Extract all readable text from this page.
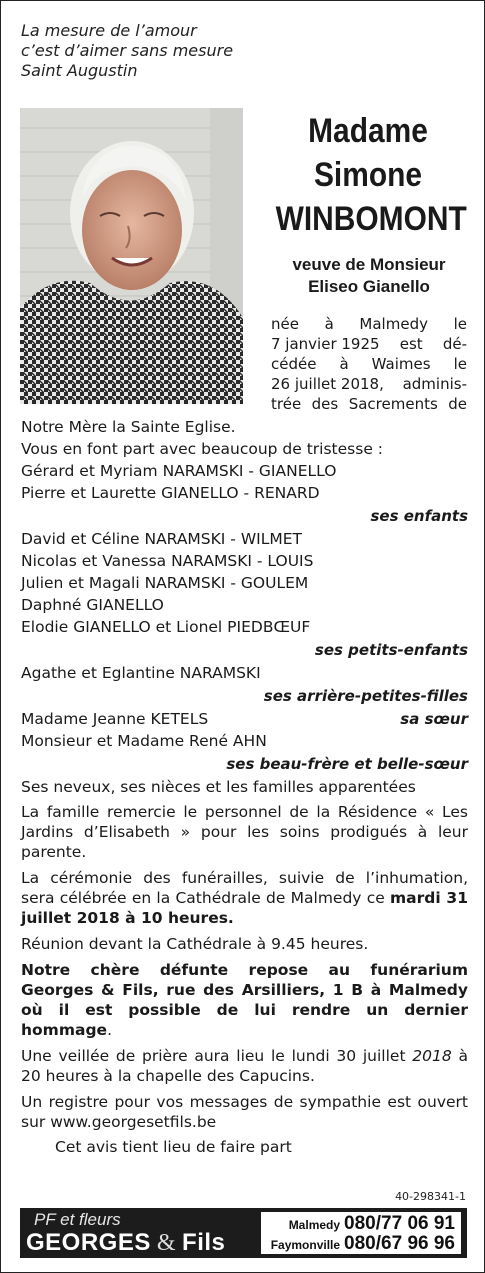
La mesure de l’amour
c’est d’aimer sans mesure
Saint Augustin
Madame
Simone
WINBOMONT
veuve de Monsieur
Eliseo Gianello
née à Malmedy le
7 janvier 1925 est dé-
cédée à Waimes le
26 juillet 2018, adminis-
trée des Sacrements de
Notre Mère la Sainte Eglise.
Vous en font part avec beaucoup de tristesse :
Gérard et Myriam NARAMSKI - GIANELLO
Pierre et Laurette GIANELLO - RENARD
ses enfants
David et Céline NARAMSKI - WILMET
Nicolas et Vanessa NARAMSKI - LOUIS
Julien et Magali NARAMSKI - GOULEM
Daphné GIANELLO
Elodie GIANELLO et Lionel PIEDBŒUF
ses petits-enfants
Agathe et Eglantine NARAMSKI
ses arrière-petites-filles
Madame Jeanne KETELS	sa sœur
Monsieur et Madame René AHN
ses beau-frère et belle-sœur
Ses neveux, ses nièces et les familles apparentées
La famille remercie le personnel de la Résidence « Les Jardins d’Elisabeth » pour les soins prodigués à leur parente.
La cérémonie des funérailles, suivie de l’inhumation, sera célébrée en la Cathédrale de Malmedy ce mardi 31 juillet 2018 à 10 heures.
Réunion devant la Cathédrale à 9.45 heures.
Notre chère défunte repose au funérarium Georges & Fils, rue des Arsilliers, 1 B à Malmedy où il est possible de lui rendre un dernier hommage.
Une veillée de prière aura lieu le lundi 30 juillet 2018 à 20 heures à la chapelle des Capucins.
Un registre pour vos messages de sympathie est ouvert sur www.georgesetfils.be
Cet avis tient lieu de faire part
40-298341-1
PF et fleurs
GEORGES & Fils
Malmedy 080/77 06 91
Faymonville 080/67 96 96
